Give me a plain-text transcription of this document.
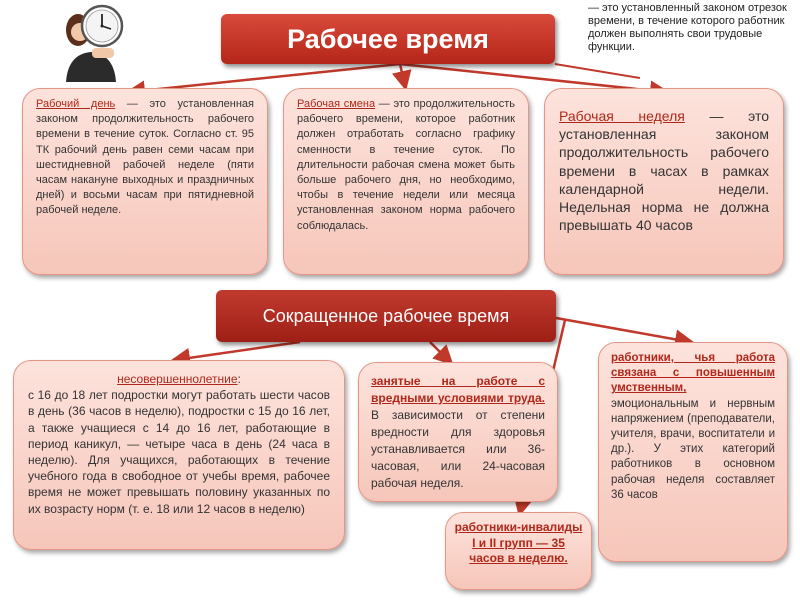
Рабочее время
— это установленный законом отрезок времени, в течение которого работник должен выполнять свои трудовые функции.
Рабочий день — это установленная законом продолжительность рабочего времени в течение суток. Согласно ст. 95 ТК рабочий день равен семи часам при шестидневной рабочей неделе (пяти часам накануне выходных и праздничных дней) и восьми часам при пятидневной рабочей неделе.
Рабочая смена — это продолжительность рабочего времени, которое работник должен отработать согласно графику сменности в течение суток. По длительности рабочая смена может быть больше рабочего дня, но необходимо, чтобы в течение недели или месяца установленная законом норма рабочего соблюдалась.
Рабочая неделя — это установленная законом продолжительность рабочего времени в часах в рамках календарной недели. Недельная норма не должна превышать 40 часов
Сокращенное рабочее время
несовершеннолетние:
с 16 до 18 лет подростки могут работать шести часов в день (36 часов в неделю), подростки с 15 до 16 лет, а также учащиеся с 14 до 16 лет, работающие в период каникул, — четыре часа в день (24 часа в неделю). Для учащихся, работающих в течение учебного года в свободное от учебы время, рабочее время не может превышать половину указанных по их возрасту норм (т. е. 18 или 12 часов в неделю)
занятые на работе с вредными условиями труда. В зависимости от степени вредности для здоровья устанавливается или 36-часовая, или 24-часовая рабочая неделя.
работники-инвалиды I и II групп — 35 часов в неделю.
работники, чья работа связана с повышенным умственным, эмоциональным и нервным напряжением (преподаватели, учителя, врачи, воспитатели и др.). У этих категорий работников в основном рабочая неделя составляет 36 часов
